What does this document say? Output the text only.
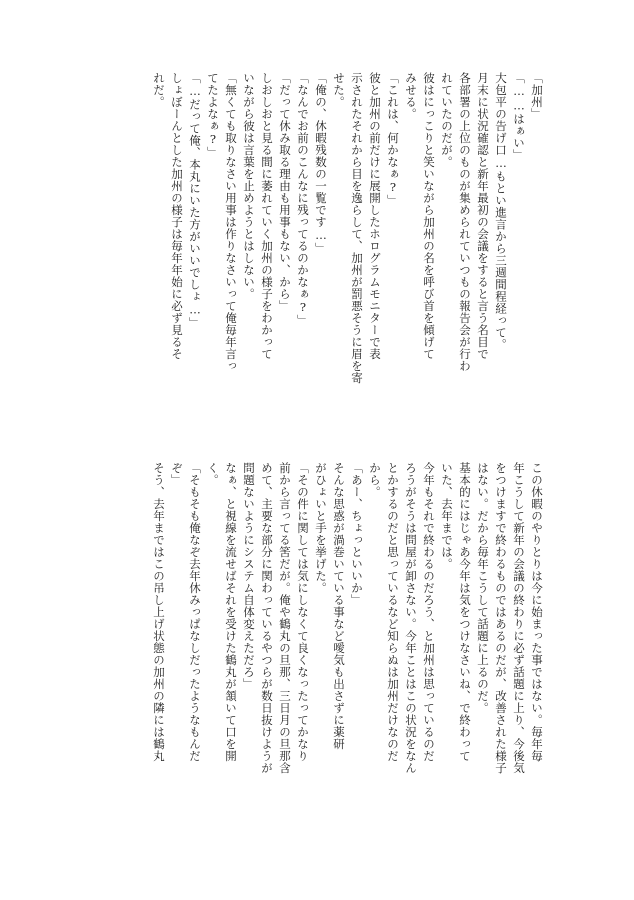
「加州」
「……はぁい」
大包平の告げ口…もとい進言から三週間程経って。
月末に状況確認と新年最初の会議をすると言う名目で
各部署の上位のものが集められていつもの報告会が行わ
れていたのだが。
彼はにっこりと笑いながら加州の名を呼び首を傾げて
みせる。
「これは、何かなぁ?」
彼と加州の前だけに展開したホログラムモニターで表
示されたそれから目を逸らして、加州が罰悪そうに眉を寄
せた。
「俺の、休暇残数の一覧です…」
「なんでお前のこんなに残ってるのかなぁ?」
「だって休み取る理由も用事もない、から」
しおしおと見る間に萎れていく加州の様子をわかって
いながら彼は言葉を止めようとはしない。
「無くても取りなさい用事は作りなさいって俺毎年言っ
てたよなぁ?」
「…だって俺、本丸にいた方がいいでしょ…」
しょぼーんとした加州の様子は毎年年始に必ず見るそ
れだ。
この休暇のやりとりは今に始まった事ではない。毎年毎
年こうして新年の会議の終わりに必ず話題に上り、今後気
をつけますで終わるものではあるのだが、改善された様子
はない。だから毎年こうして話題に上るのだ。
基本的にはじゃあ今年は気をつけなさいね、で終わって
いた、去年までは。
今年もそれで終わるのだろう、と加州は思っているのだ
ろうがそうは問屋が卸さない。今年ことはこの状況をなん
とかするのだと思っているなど知らぬは加州だけなのだ
から。
「あー、ちょっといいか」
そんな思惑が渦巻いている事など噯気も出さずに薬研
がひょいと手を挙げた。
「その件に関しては気にしなくて良くなったってかなり
前から言ってる筈だが。俺や鶴丸の旦那、三日月の旦那含
めて、主要な部分に関わっているやつらが数日抜けようが
問題ないようにシステム自体変えただろ」
なぁ、と視線を流せばそれを受けた鶴丸が頷いて口を開
く。
「そもそも俺なぞ去年休みっぱなしだったようなもんだ
ぞ」
そう、去年まではこの吊し上げ状態の加州の隣には鶴丸
